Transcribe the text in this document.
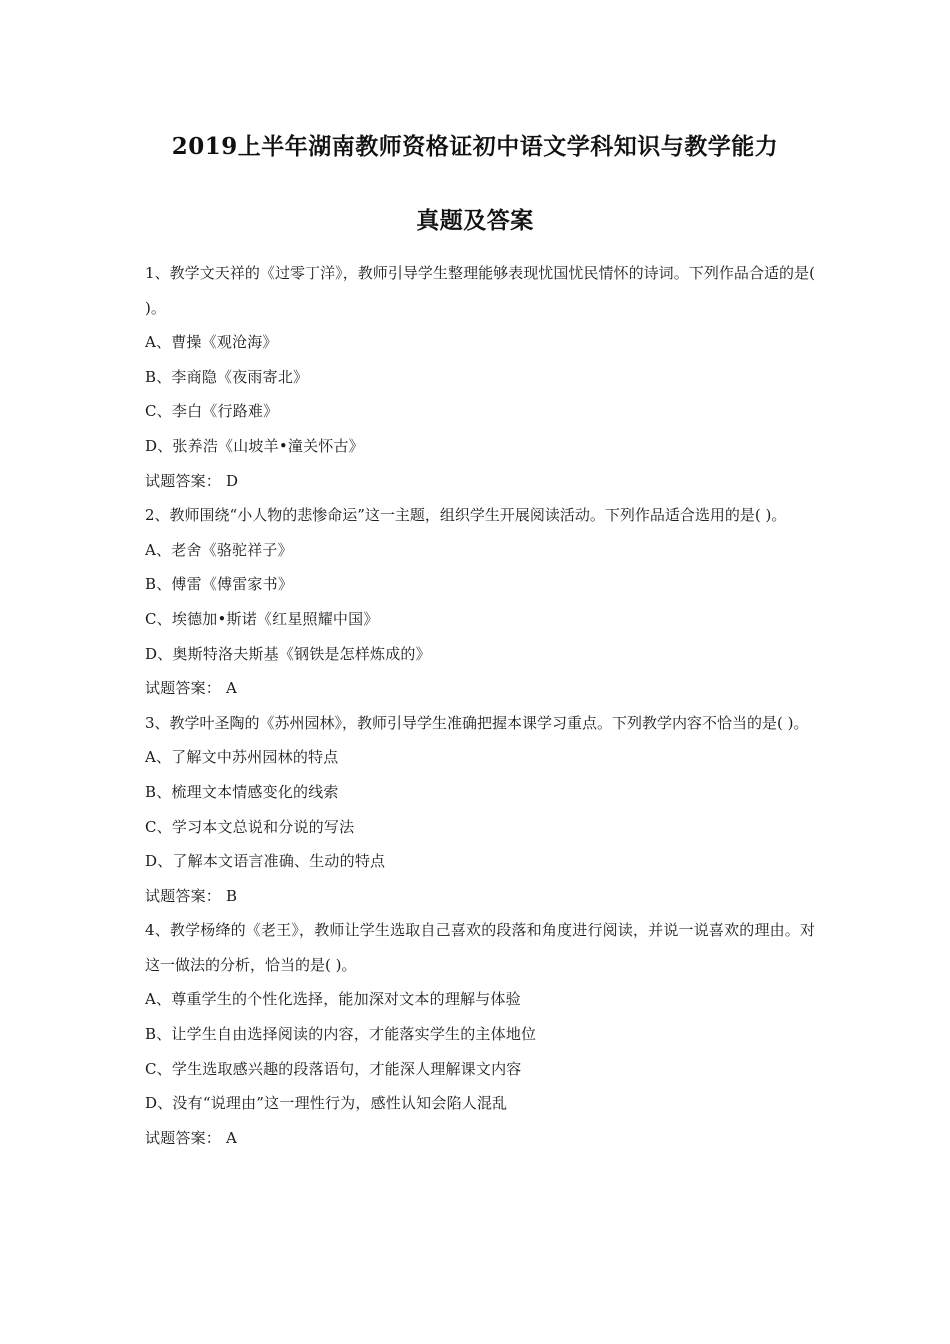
2019上半年湖南教师资格证初中语文学科知识与教学能力
真题及答案
1、教学文天祥的《过零丁洋》，教师引导学生整理能够表现忧国忧民情怀的诗词。下列作品合适的是( )。
A、曹操《观沧海》
B、李商隐《夜雨寄北》
C、李白《行路难》
D、张养浩《山坡羊•潼关怀古》
试题答案： D
2、教师围绕“小人物的悲惨命运”这一主题，组织学生开展阅读活动。下列作品适合选用的是( )。
A、老舍《骆驼祥子》
B、傅雷《傅雷家书》
C、埃德加•斯诺《红星照耀中国》
D、奥斯特洛夫斯基《钢铁是怎样炼成的》
试题答案： A
3、教学叶圣陶的《苏州园林》，教师引导学生准确把握本课学习重点。下列教学内容不恰当的是( )。
A、了解文中苏州园林的特点
B、梳理文本情感变化的线索
C、学习本文总说和分说的写法
D、了解本文语言准确、生动的特点
试题答案： B
4、教学杨绛的《老王》，教师让学生选取自己喜欢的段落和角度进行阅读，并说一说喜欢的理由。对这一做法的分析，恰当的是( )。
A、尊重学生的个性化选择，能加深对文本的理解与体验
B、让学生自由选择阅读的内容，才能落实学生的主体地位
C、学生选取感兴趣的段落语句，才能深人理解课文内容
D、没有“说理由”这一理性行为，感性认知会陷人混乱
试题答案： A
